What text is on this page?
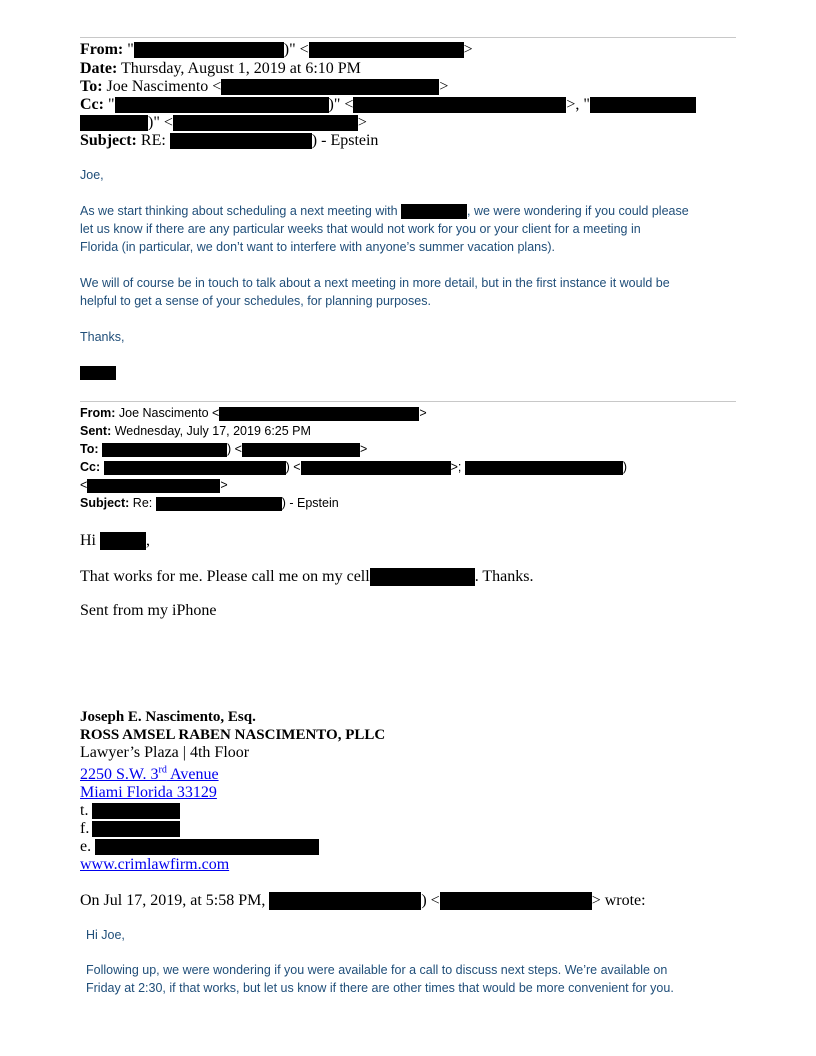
From: "	)" <	>
Date: Thursday, August 1, 2019 at 6:10 PM
To: Joe Nascimento <	>
Cc: "	)" <	>, "
)" <	>
Subject: RE:	) - Epstein
Joe,
As we start thinking about scheduling a next meeting with	, we were wondering if you could please
let us know if there are any particular weeks that would not work for you or your client for a meeting in
Florida (in particular, we don’t want to interfere with anyone’s summer vacation plans).
We will of course be in touch to talk about a next meeting in more detail, but in the first instance it would be
helpful to get a sense of your schedules, for planning purposes.
Thanks,
From: Joe Nascimento <	>
Sent: Wednesday, July 17, 2019 6:25 PM
To:	) <	>
Cc:	) <	>;	)
<	>
Subject: Re:	) - Epstein
Hi	,
That works for me. Please call me on my cell	. Thanks.
Sent from my iPhone
Joseph E. Nascimento, Esq.
ROSS AMSEL RABEN NASCIMENTO, PLLC
Lawyer’s Plaza | 4th Floor
2250 S.W. 3rd Avenue
Miami Florida 33129
t.
f.
e.
www.crimlawfirm.com
On Jul 17, 2019, at 5:58 PM,	) <	> wrote:
Hi Joe,
Following up, we were wondering if you were available for a call to discuss next steps. We’re available on
Friday at 2:30, if that works, but let us know if there are other times that would be more convenient for you.
